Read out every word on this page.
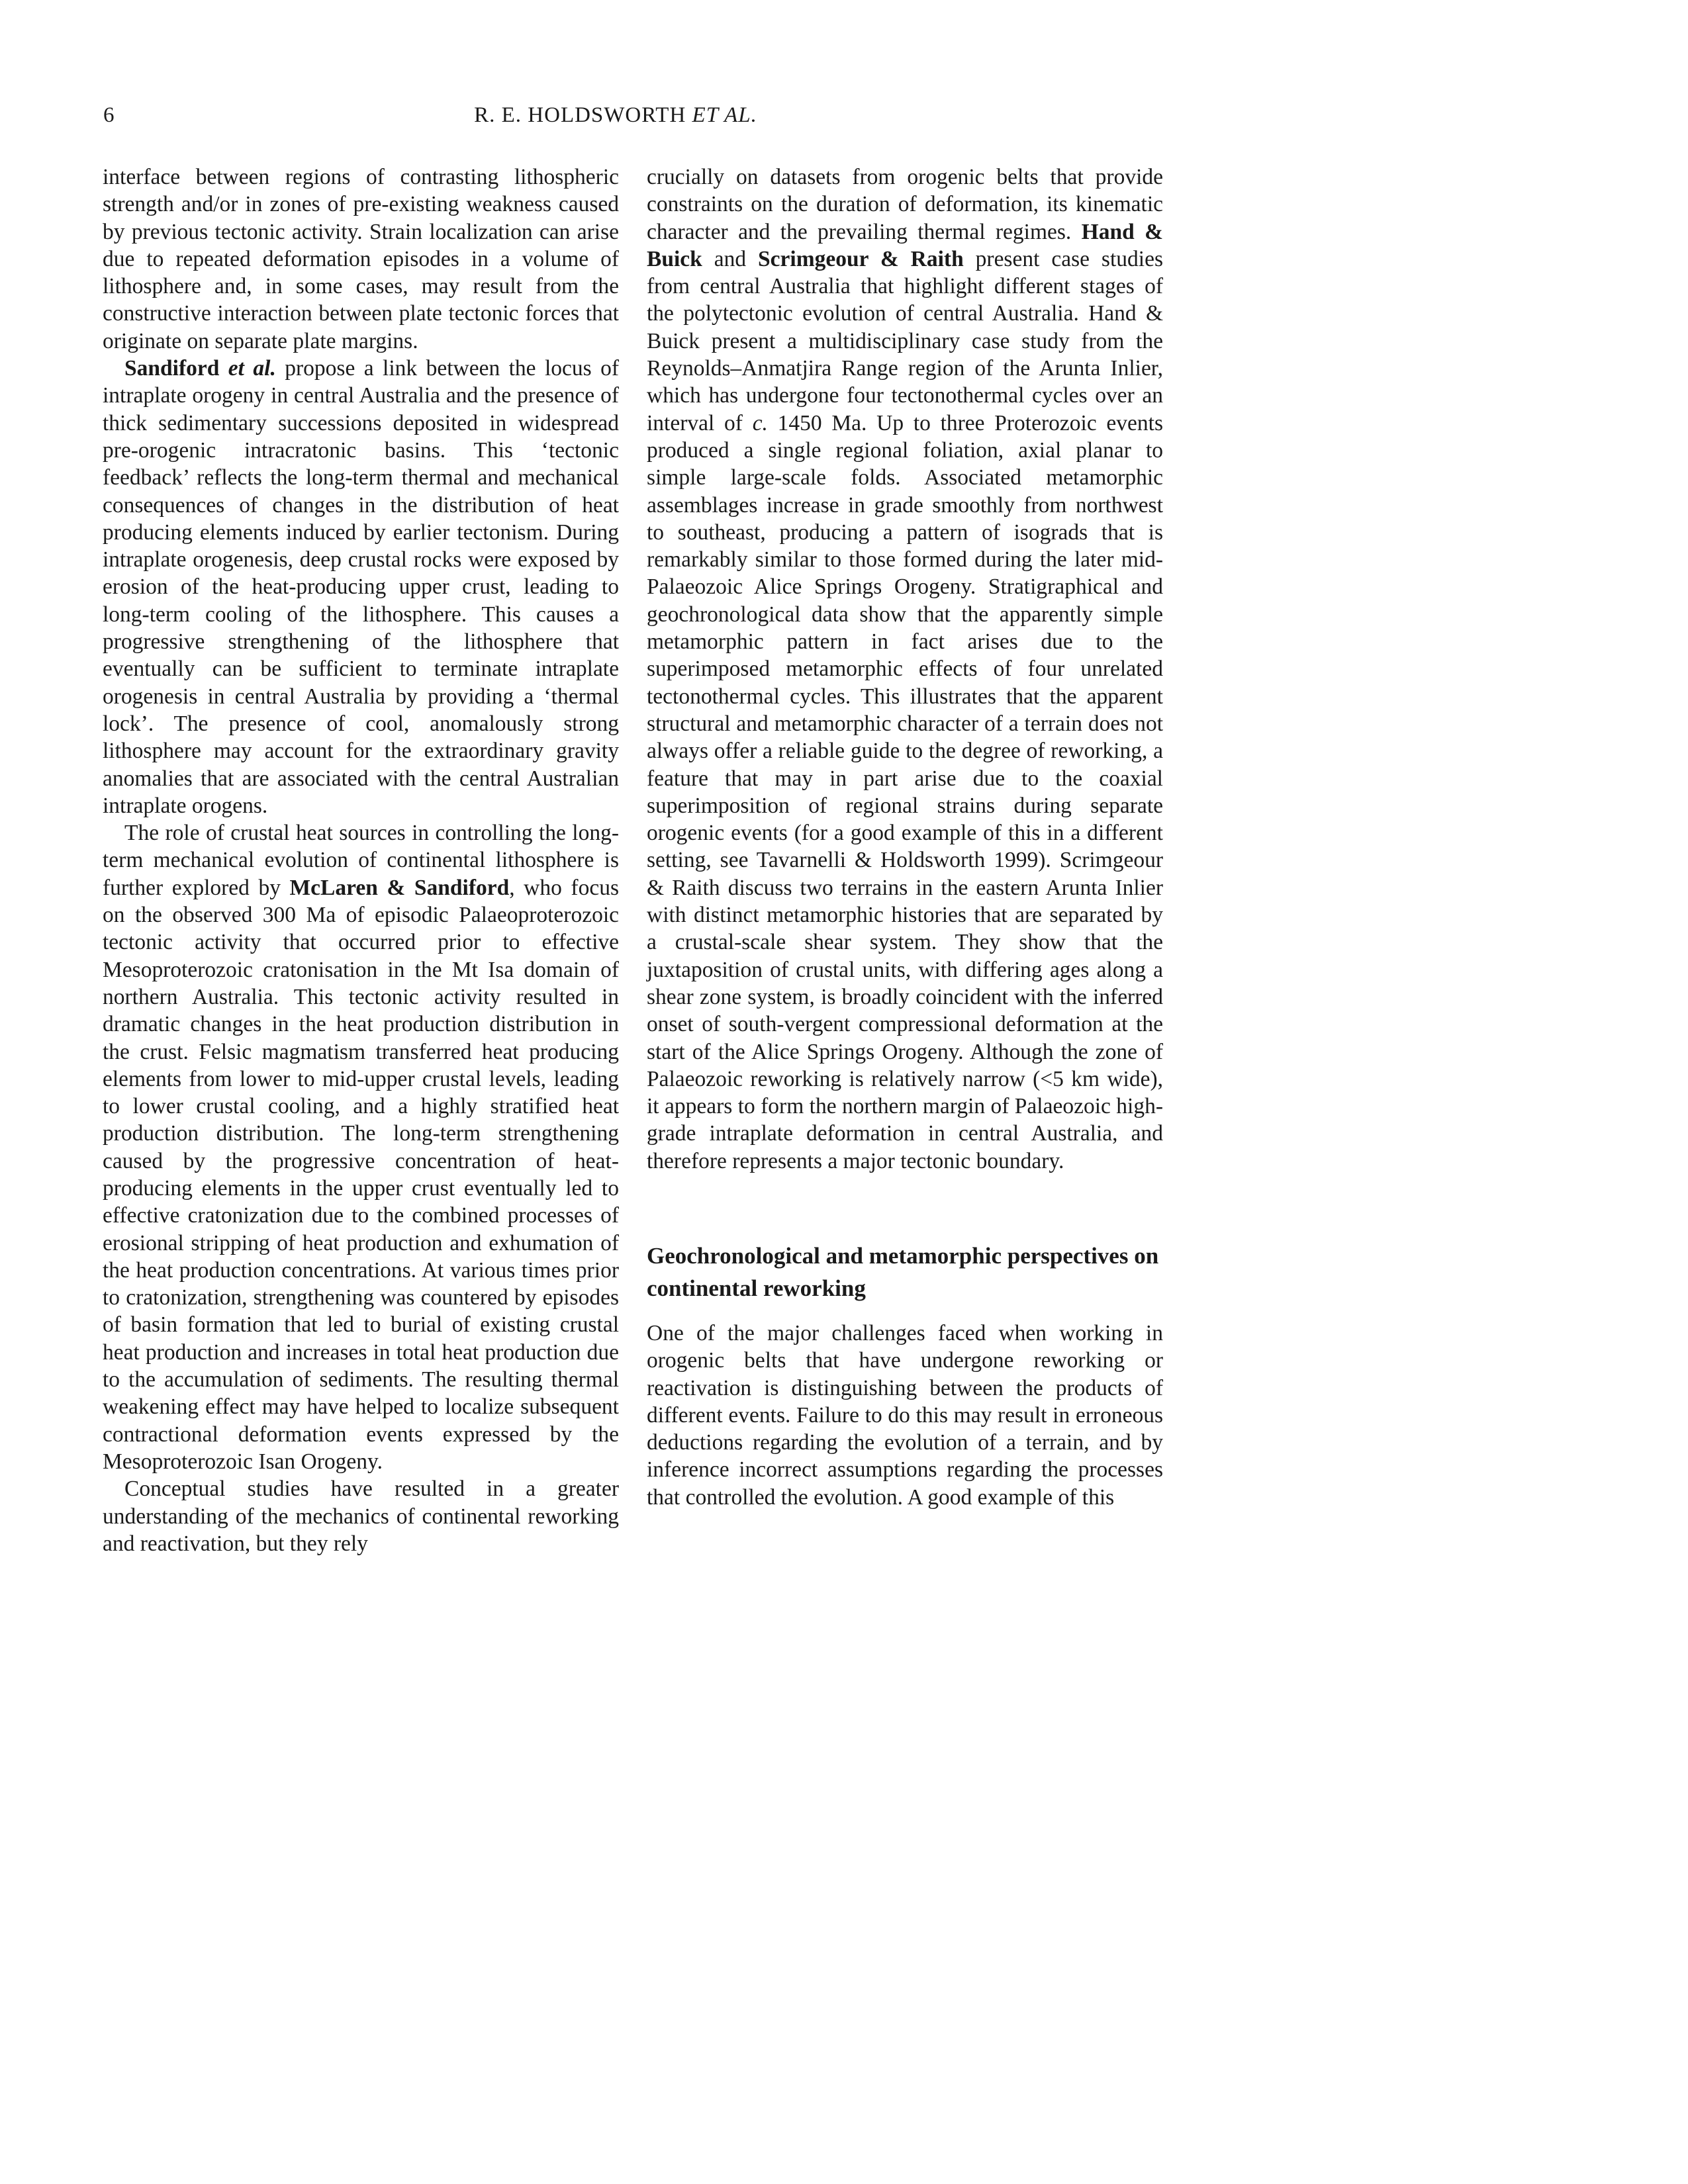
6	R. E. HOLDSWORTH ET AL.

interface between regions of contrasting lithospheric strength and/or in zones of pre-existing weakness caused by previous tectonic activity. Strain localization can arise due to repeated deformation episodes in a volume of lithosphere and, in some cases, may result from the constructive interaction between plate tectonic forces that originate on separate plate margins.

Sandiford et al. propose a link between the locus of intraplate orogeny in central Australia and the presence of thick sedimentary successions deposited in widespread pre-orogenic intracratonic basins. This ‘tectonic feedback’ reflects the long-term thermal and mechanical consequences of changes in the distribution of heat producing elements induced by earlier tectonism. During intraplate orogenesis, deep crustal rocks were exposed by erosion of the heat-producing upper crust, leading to long-term cooling of the lithosphere. This causes a progressive strengthening of the lithosphere that eventually can be sufficient to terminate intraplate orogenesis in central Australia by providing a ‘thermal lock’. The presence of cool, anomalously strong lithosphere may account for the extraordinary gravity anomalies that are associated with the central Australian intraplate orogens.

The role of crustal heat sources in controlling the long-term mechanical evolution of continental lithosphere is further explored by McLaren & Sandiford, who focus on the observed 300 Ma of episodic Palaeoproterozoic tectonic activity that occurred prior to effective Mesoproterozoic cratonisation in the Mt Isa domain of northern Australia. This tectonic activity resulted in dramatic changes in the heat production distribution in the crust. Felsic magmatism transferred heat producing elements from lower to mid-upper crustal levels, leading to lower crustal cooling, and a highly stratified heat production distribution. The long-term strengthening caused by the progressive concentration of heat-producing elements in the upper crust eventually led to effective cratonization due to the combined processes of erosional stripping of heat production and exhumation of the heat production concentrations. At various times prior to cratonization, strengthening was countered by episodes of basin formation that led to burial of existing crustal heat production and increases in total heat production due to the accumulation of sediments. The resulting thermal weakening effect may have helped to localize subsequent contractional deformation events expressed by the Mesoproterozoic Isan Orogeny.

Conceptual studies have resulted in a greater understanding of the mechanics of continental reworking and reactivation, but they rely

crucially on datasets from orogenic belts that provide constraints on the duration of deformation, its kinematic character and the prevailing thermal regimes. Hand & Buick and Scrimgeour & Raith present case studies from central Australia that highlight different stages of the polytectonic evolution of central Australia. Hand & Buick present a multidisciplinary case study from the Reynolds–Anmatjira Range region of the Arunta Inlier, which has undergone four tectonothermal cycles over an interval of c. 1450 Ma. Up to three Proterozoic events produced a single regional foliation, axial planar to simple large-scale folds. Associated metamorphic assemblages increase in grade smoothly from northwest to southeast, producing a pattern of isograds that is remarkably similar to those formed during the later mid-Palaeozoic Alice Springs Orogeny. Stratigraphical and geochronological data show that the apparently simple metamorphic pattern in fact arises due to the superimposed metamorphic effects of four unrelated tectonothermal cycles. This illustrates that the apparent structural and metamorphic character of a terrain does not always offer a reliable guide to the degree of reworking, a feature that may in part arise due to the coaxial superimposition of regional strains during separate orogenic events (for a good example of this in a different setting, see Tavarnelli & Holdsworth 1999). Scrimgeour & Raith discuss two terrains in the eastern Arunta Inlier with distinct metamorphic histories that are separated by a crustal-scale shear system. They show that the juxtaposition of crustal units, with differing ages along a shear zone system, is broadly coincident with the inferred onset of south-vergent compressional deformation at the start of the Alice Springs Orogeny. Although the zone of Palaeozoic reworking is relatively narrow (<5 km wide), it appears to form the northern margin of Palaeozoic high-grade intraplate deformation in central Australia, and therefore represents a major tectonic boundary.

Geochronological and metamorphic perspectives on continental reworking

One of the major challenges faced when working in orogenic belts that have undergone reworking or reactivation is distinguishing between the products of different events. Failure to do this may result in erroneous deductions regarding the evolution of a terrain, and by inference incorrect assumptions regarding the processes that controlled the evolution. A good example of this
